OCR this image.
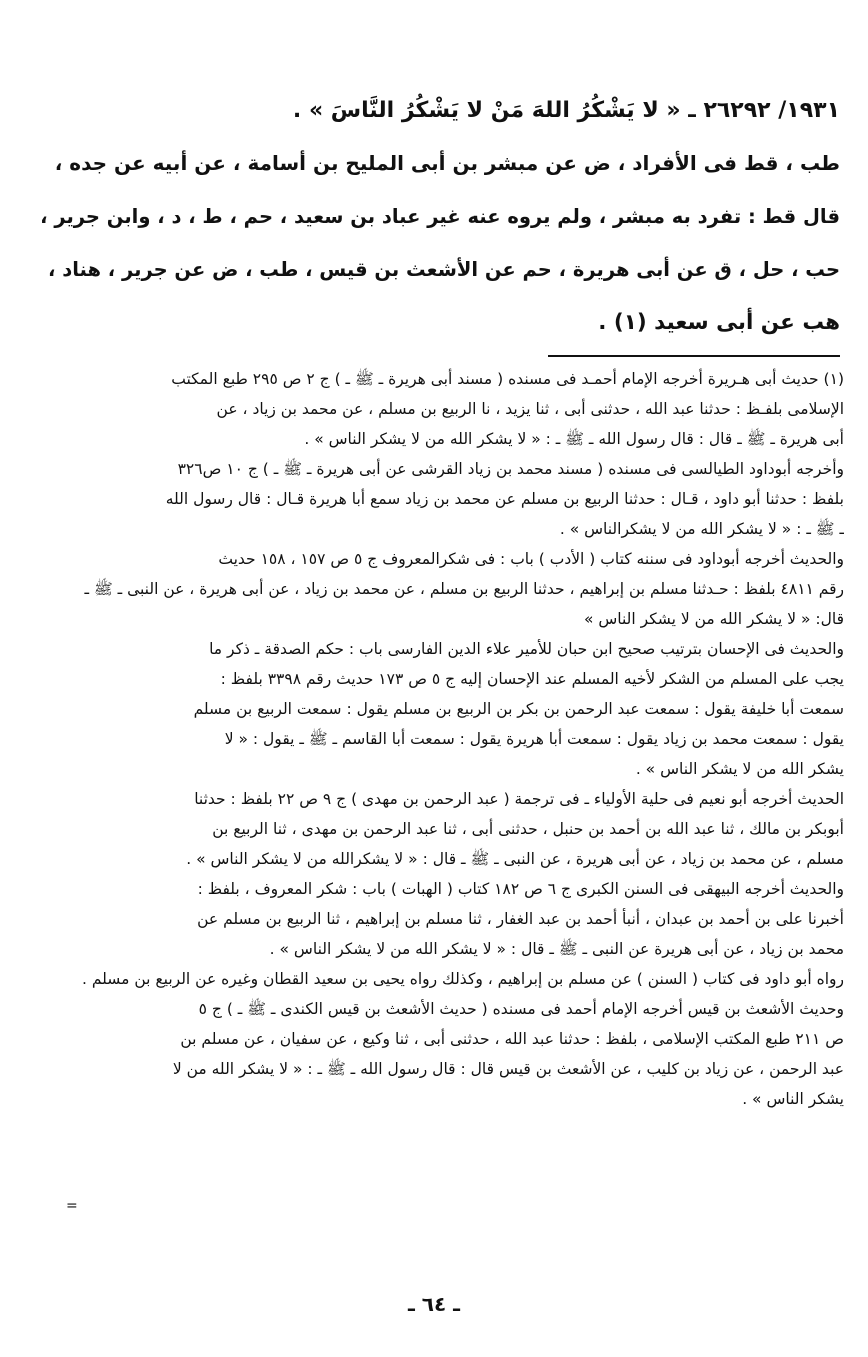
١٩٣١/ ٢٦٢٩٢ ـ « لا يَشْكُرُ اللهَ مَنْ لا يَشْكُرُ النَّاسَ » .
طب ، قط فى الأفراد ، ض عن مبشر بن أبى المليح بن أسامة ، عن أبيه عن جده ،
قال قط : تفرد به مبشر ، ولم يروه عنه غير عباد بن سعيد ، حم ، ط ، د ، وابن جرير ،
حب ، حل ، ق عن أبى هريرة ، حم عن الأشعث بن قيس ، طب ، ض عن جرير ، هناد ،
هب عن أبى سعيد (١) .
(١) حديث أبى هـريرة أخرجه الإمام أحمـد فى مسنده ( مسند أبى هريرة ـ ﷺ ـ ) ج ٢ ص ٢٩٥ طبع المكتب
الإسلامى بلفـظ : حدثنا عبد الله ، حدثنى أبى ، ثنا يزيد ، نا الربيع بن مسلم ، عن محمد بن زياد ، عن
أبى هريرة ـ ﷺ ـ قال : قال رسول الله ـ ﷺ ـ : « لا يشكر الله من لا يشكر الناس » .
وأخرجه أبوداود الطيالسى فى مسنده ( مسند محمد بن زياد القرشى عن أبى هريرة ـ ﷺ ـ ) ج ١٠ ص٣٢٦
بلفظ : حدثنا أبو داود ، قـال : حدثنا الربيع بن مسلم عن محمد بن زياد سمع أبا هريرة قـال : قال رسول الله
ـ ﷺ ـ : « لا يشكر الله من لا يشكرالناس » .
والحديث أخرجه أبوداود فى سننه كتاب ( الأدب ) باب : فى شكرالمعروف ج ٥ ص ١٥٧ ، ١٥٨ حديث
رقم ٤٨١١ بلفظ : حـدثنا مسلم بن إبراهيم ، حدثنا الربيع بن مسلم ، عن محمد بن زياد ، عن أبى هريرة ، عن النبى ـ ﷺ ـ
قال: « لا يشكر الله من لا يشكر الناس »
والحديث فى الإحسان بترتيب صحيح ابن حبان للأمير علاء الدين الفارسى باب : حكم الصدقة ـ ذكر ما
يجب على المسلم من الشكر لأخيه المسلم عند الإحسان إليه ج ٥ ص ١٧٣ حديث رقم ٣٣٩٨ بلفظ :
سمعت أبا خليفة يقول : سمعت عبد الرحمن بن بكر بن الربيع بن مسلم يقول : سمعت الربيع بن مسلم
يقول : سمعت محمد بن زياد يقول : سمعت أبا هريرة يقول : سمعت أبا القاسم ـ ﷺ ـ يقول : « لا
يشكر الله من لا يشكر الناس » .
الحديث أخرجه أبو نعيم فى حلية الأولياء ـ فى ترجمة ( عبد الرحمن بن مهدى ) ج ٩ ص ٢٢ بلفظ : حدثنا
أبوبكر بن مالك ، ثنا عبد الله بن أحمد بن حنبل ، حدثنى أبى ، ثنا عبد الرحمن بن مهدى ، ثنا الربيع بن
مسلم ، عن محمد بن زياد ، عن أبى هريرة ، عن النبى ـ ﷺ ـ قال : « لا يشكرالله من لا يشكر الناس » .
والحديث أخرجه البيهقى فى السنن الكبرى ج ٦ ص ١٨٢ كتاب ( الهبات ) باب : شكر المعروف ، بلفظ :
أخبرنا على بن أحمد بن عبدان ، أنبأ أحمد بن عبد الغفار ، ثنا مسلم بن إبراهيم ، ثنا الربيع بن مسلم عن
محمد بن زياد ، عن أبى هريرة عن النبى ـ ﷺ ـ قال : « لا يشكر الله من لا يشكر الناس » .
رواه أبو داود فى كتاب ( السنن ) عن مسلم بن إبراهيم ، وكذلك رواه يحيى بن سعيد القطان وغيره عن الربيع بن مسلم .
وحديث الأشعث بن قيس أخرجه الإمام أحمد فى مسنده ( حديث الأشعث بن قيس الكندى ـ ﷺ ـ ) ج ٥
ص ٢١١ طبع المكتب الإسلامى ، بلفظ : حدثنا عبد الله ، حدثنى أبى ، ثنا وكيع ، عن سفيان ، عن مسلم بن
عبد الرحمن ، عن زياد بن كليب ، عن الأشعث بن قيس قال : قال رسول الله ـ ﷺ ـ : « لا يشكر الله من لا
يشكر الناس » .
=
ـ ٦٤ ـ
